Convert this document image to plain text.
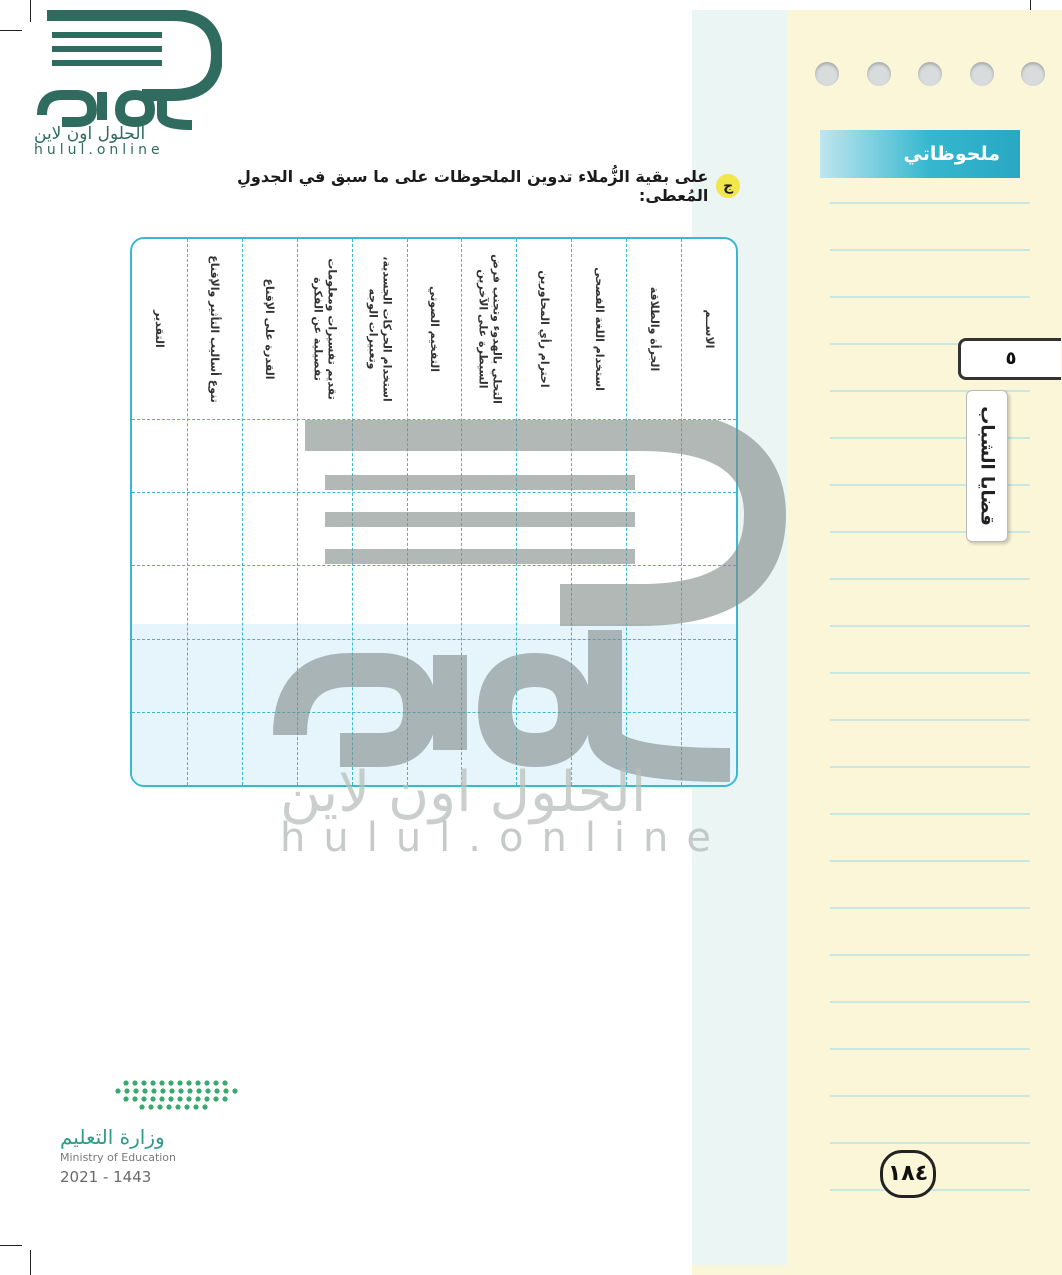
الحلول اون لاين
hulul.online	ملحوظاتي
٥
قضايا الشباب
١٨٤
ج
على بقية الزُّملاء تدوين الملحوظات على ما سبق في الجدولِ المُعطى:
الاســم
الجرأة والطلاقة
استخدام اللغة الفصحى
احترام رأي المحاورين
التحلي بالهدوء وتجنب فرض السيطرة على الآخرين
التفخيم الصوتي
استخدام الحركات الجسدية، وتعبيرات الوجه
تقديم تفسيرات ومعلومات تفصيلية عن الفكرة
القدرة على الإقناع
تنوع أساليب التأثير والإقناع
التقدير
الحلول اون لاين
hulul.online
وزارة التعليم
Ministry of Education
2021 - 1443
